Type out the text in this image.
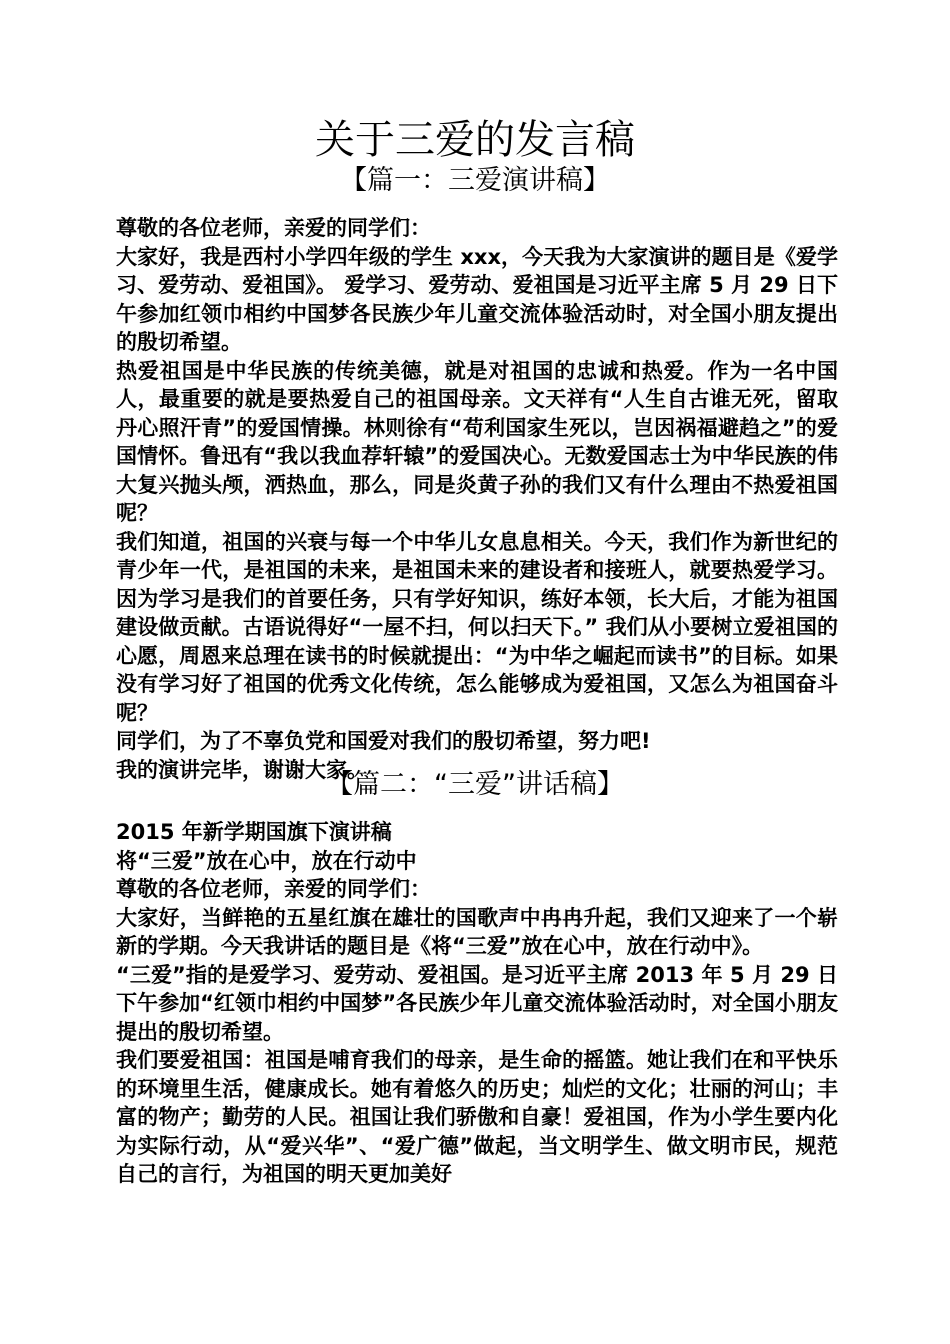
关于三爱的发言稿
【篇一：三爱演讲稿】

尊敬的各位老师，亲爱的同学们：

大家好，我是西村小学四年级的学生 xxx，今天我为大家演讲的题目是《爱学习、爱劳动、爱祖国》。 爱学习、爱劳动、爱祖国是习近平主席 5 月 29 日下午参加红领巾相约中国梦各民族少年儿童交流体验活动时，对全国小朋友提出的殷切希望。

热爱祖国是中华民族的传统美德，就是对祖国的忠诚和热爱。作为一名中国人，最重要的就是要热爱自己的祖国母亲。文天祥有“人生自古谁无死，留取丹心照汗青”的爱国情操。林则徐有“苟利国家生死以，岂因祸福避趋之”的爱国情怀。鲁迅有“我以我血荐轩辕”的爱国决心。无数爱国志士为中华民族的伟大复兴抛头颅，洒热血，那么，同是炎黄子孙的我们又有什么理由不热爱祖国呢？

我们知道，祖国的兴衰与每一个中华儿女息息相关。今天，我们作为新世纪的青少年一代，是祖国的未来，是祖国未来的建设者和接班人，就要热爱学习。因为学习是我们的首要任务，只有学好知识，练好本领，长大后，才能为祖国建设做贡献。古语说得好“一屋不扫，何以扫天下。” 我们从小要树立爱祖国的心愿，周恩来总理在读书的时候就提出：“为中华之崛起而读书”的目标。如果没有学习好了祖国的优秀文化传统，怎么能够成为爱祖国，又怎么为祖国奋斗呢？

同学们，为了不辜负党和国爱对我们的殷切希望，努力吧!

我的演讲完毕，谢谢大家。

【篇二：“三爱”讲话稿】

2015 年新学期国旗下演讲稿

将“三爱”放在心中，放在行动中

尊敬的各位老师，亲爱的同学们：

大家好，当鲜艳的五星红旗在雄壮的国歌声中冉冉升起，我们又迎来了一个崭新的学期。今天我讲话的题目是《将“三爱”放在心中，放在行动中》。

“三爱”指的是爱学习、爱劳动、爱祖国。是习近平主席 2013 年 5 月 29 日下午参加“红领巾相约中国梦”各民族少年儿童交流体验活动时，对全国小朋友提出的殷切希望。

我们要爱祖国：祖国是哺育我们的母亲，是生命的摇篮。她让我们在和平快乐的环境里生活，健康成长。她有着悠久的历史；灿烂的文化；壮丽的河山；丰富的物产；勤劳的人民。祖国让我们骄傲和自豪！爱祖国，作为小学生要内化为实际行动，从“爱兴华”、“爱广德”做起，当文明学生、做文明市民，规范自己的言行，为祖国的明天更加美好
